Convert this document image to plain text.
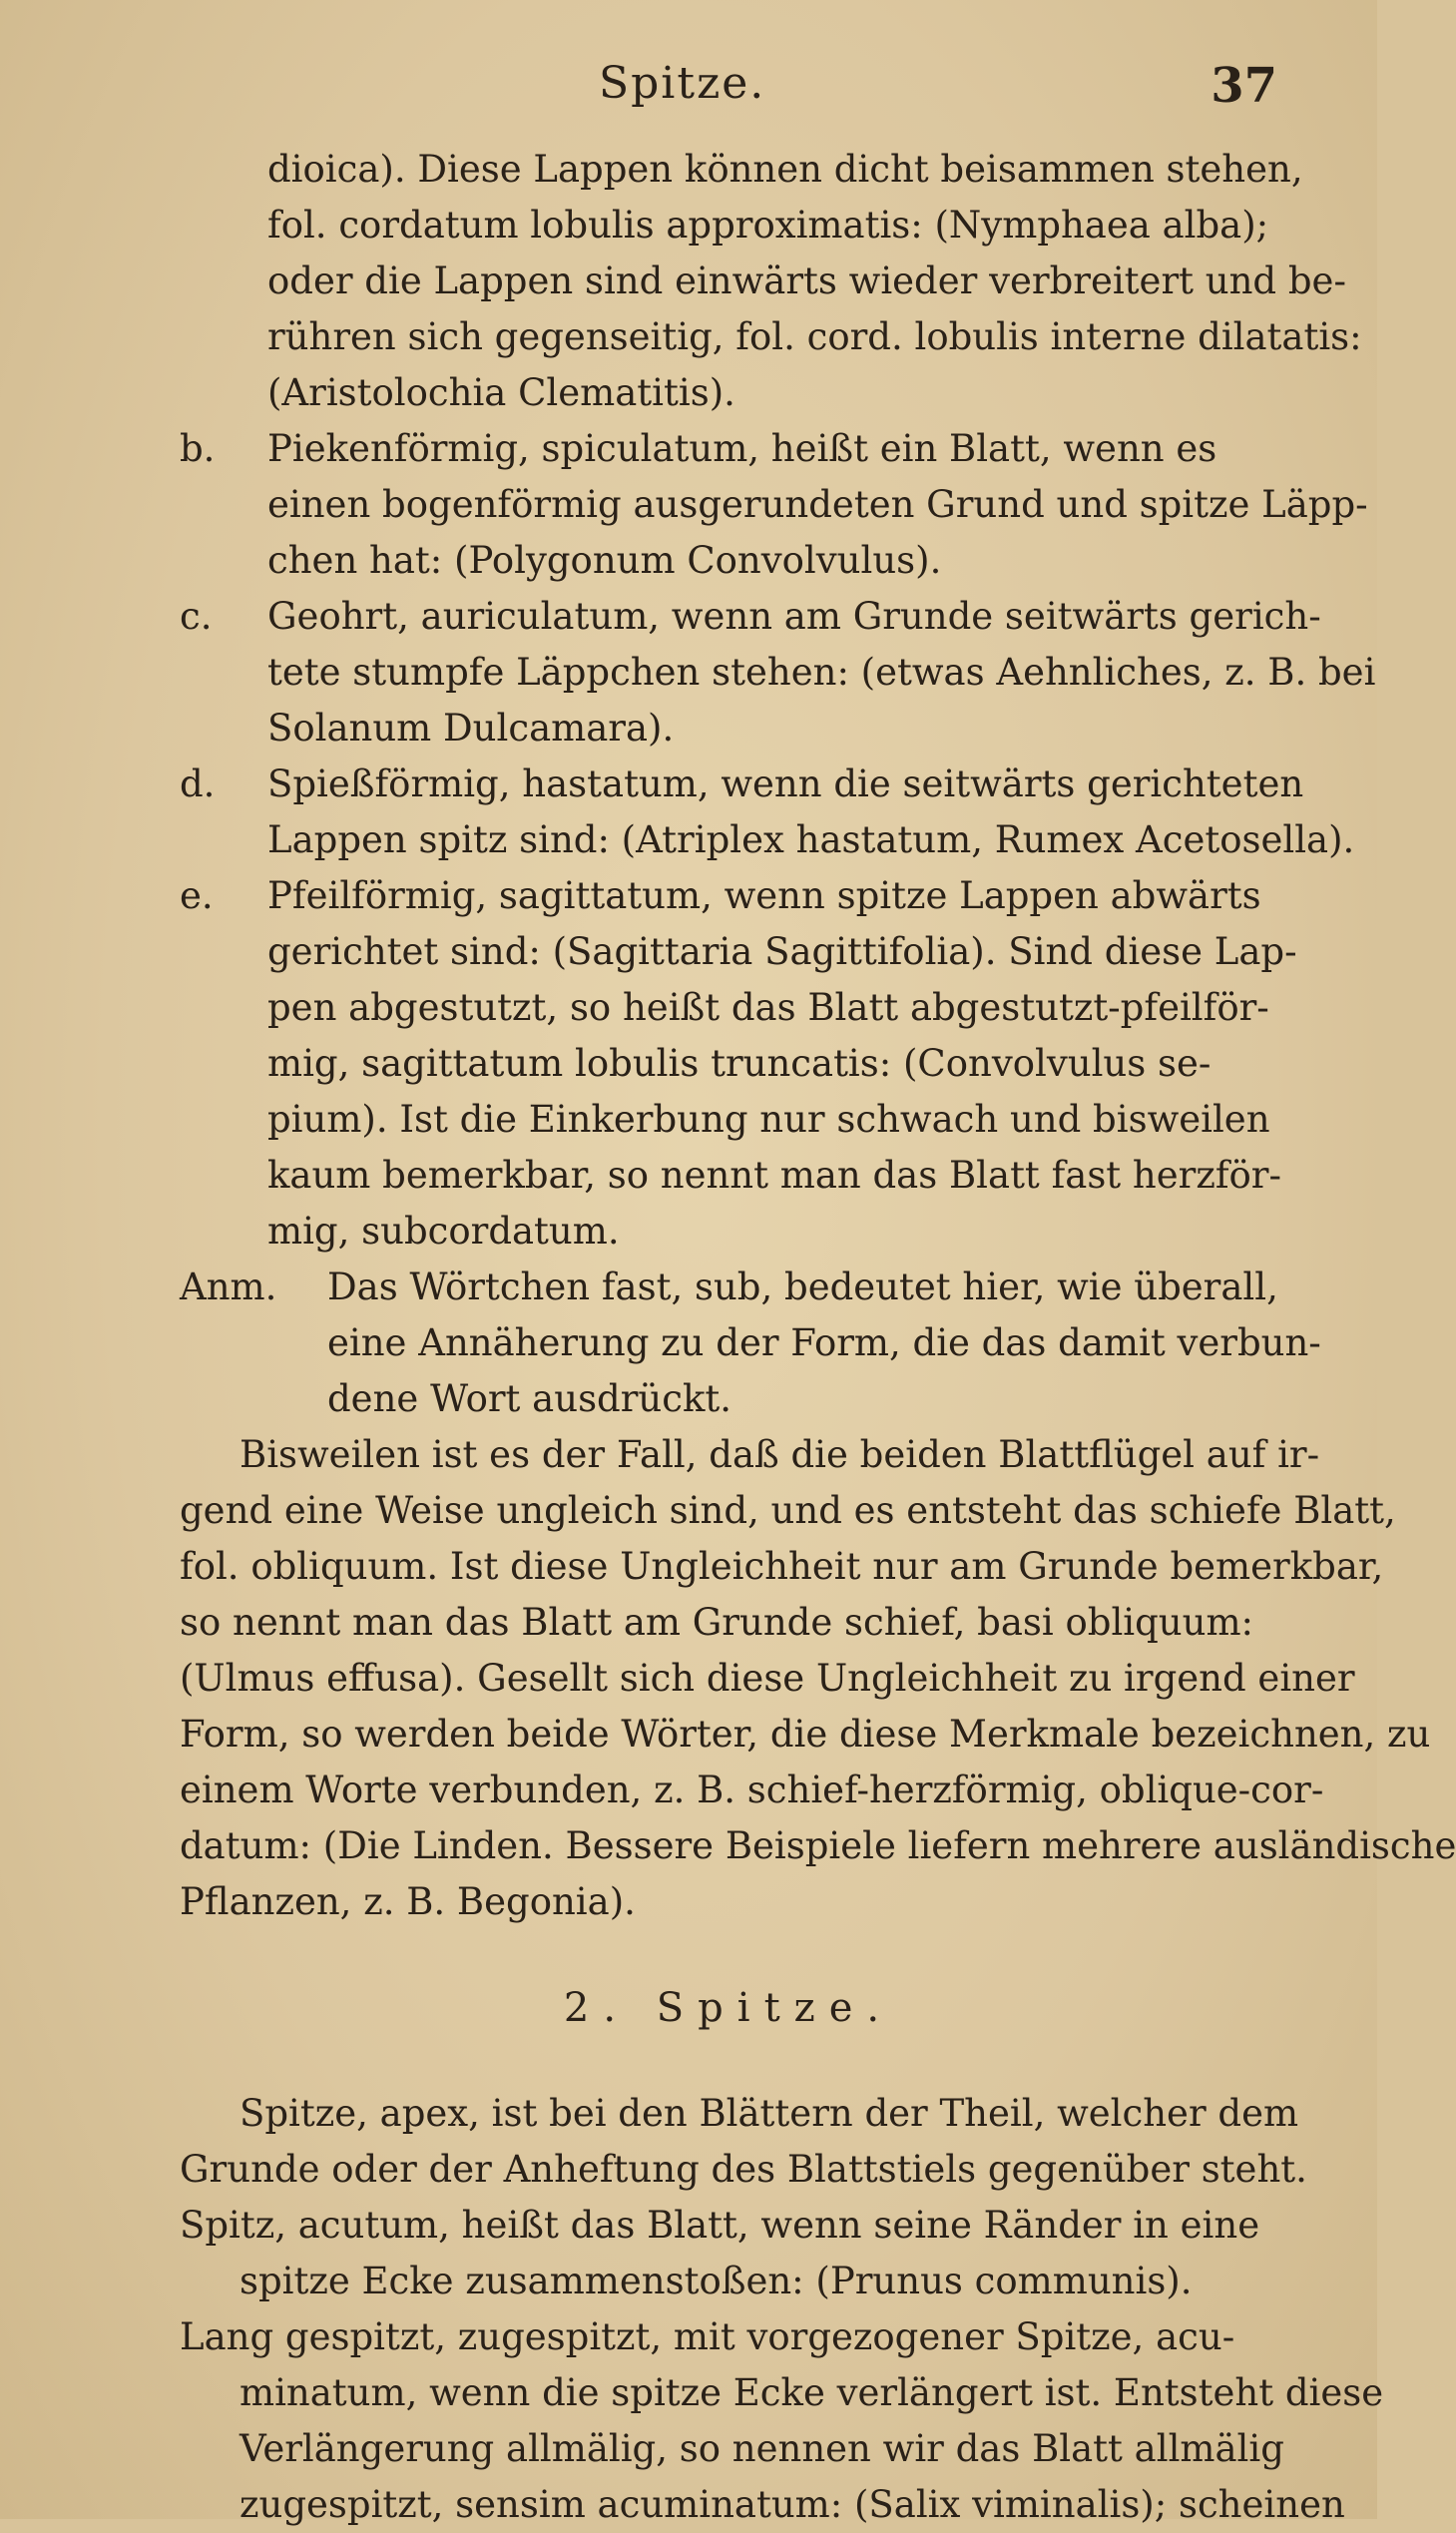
Spitze.	37
dioica). Diese Lappen können dicht beisammen stehen,
fol. cordatum lobulis approximatis: (Nymphaea alba);
oder die Lappen sind einwärts wieder verbreitert und be-
rühren sich gegenseitig, fol. cord. lobulis interne dilatatis:
(Aristolochia Clematitis).
b. Piekenförmig, spiculatum, heißt ein Blatt, wenn es
einen bogenförmig ausgerundeten Grund und spitze Läpp-
chen hat: (Polygonum Convolvulus).
c. Geohrt, auriculatum, wenn am Grunde seitwärts gerich-
tete stumpfe Läppchen stehen: (etwas Aehnliches, z. B. bei
Solanum Dulcamara).
d. Spießförmig, hastatum, wenn die seitwärts gerichteten
Lappen spitz sind: (Atriplex hastatum, Rumex Acetosella).
e. Pfeilförmig, sagittatum, wenn spitze Lappen abwärts
gerichtet sind: (Sagittaria Sagittifolia). Sind diese Lap-
pen abgestutzt, so heißt das Blatt abgestutzt-pfeilför-
mig, sagittatum lobulis truncatis: (Convolvulus se-
pium). Ist die Einkerbung nur schwach und bisweilen
kaum bemerkbar, so nennt man das Blatt fast herzför-
mig, subcordatum.
Anm. Das Wörtchen fast, sub, bedeutet hier, wie überall,
eine Annäherung zu der Form, die das damit verbun-
dene Wort ausdrückt.
Bisweilen ist es der Fall, daß die beiden Blattflügel auf ir-
gend eine Weise ungleich sind, und es entsteht das schiefe Blatt,
fol. obliquum. Ist diese Ungleichheit nur am Grunde bemerkbar,
so nennt man das Blatt am Grunde schief, basi obliquum:
(Ulmus effusa). Gesellt sich diese Ungleichheit zu irgend einer
Form, so werden beide Wörter, die diese Merkmale bezeichnen, zu
einem Worte verbunden, z. B. schief-herzförmig, oblique-cor-
datum: (Die Linden. Bessere Beispiele liefern mehrere ausländische
Pflanzen, z. B. Begonia).
2. Spitze.
Spitze, apex, ist bei den Blättern der Theil, welcher dem
Grunde oder der Anheftung des Blattstiels gegenüber steht.
Spitz, acutum, heißt das Blatt, wenn seine Ränder in eine
spitze Ecke zusammenstoßen: (Prunus communis).
Lang gespitzt, zugespitzt, mit vorgezogener Spitze, acu-
minatum, wenn die spitze Ecke verlängert ist. Entsteht diese
Verlängerung allmälig, so nennen wir das Blatt allmälig
zugespitzt, sensim acuminatum: (Salix viminalis); scheinen
